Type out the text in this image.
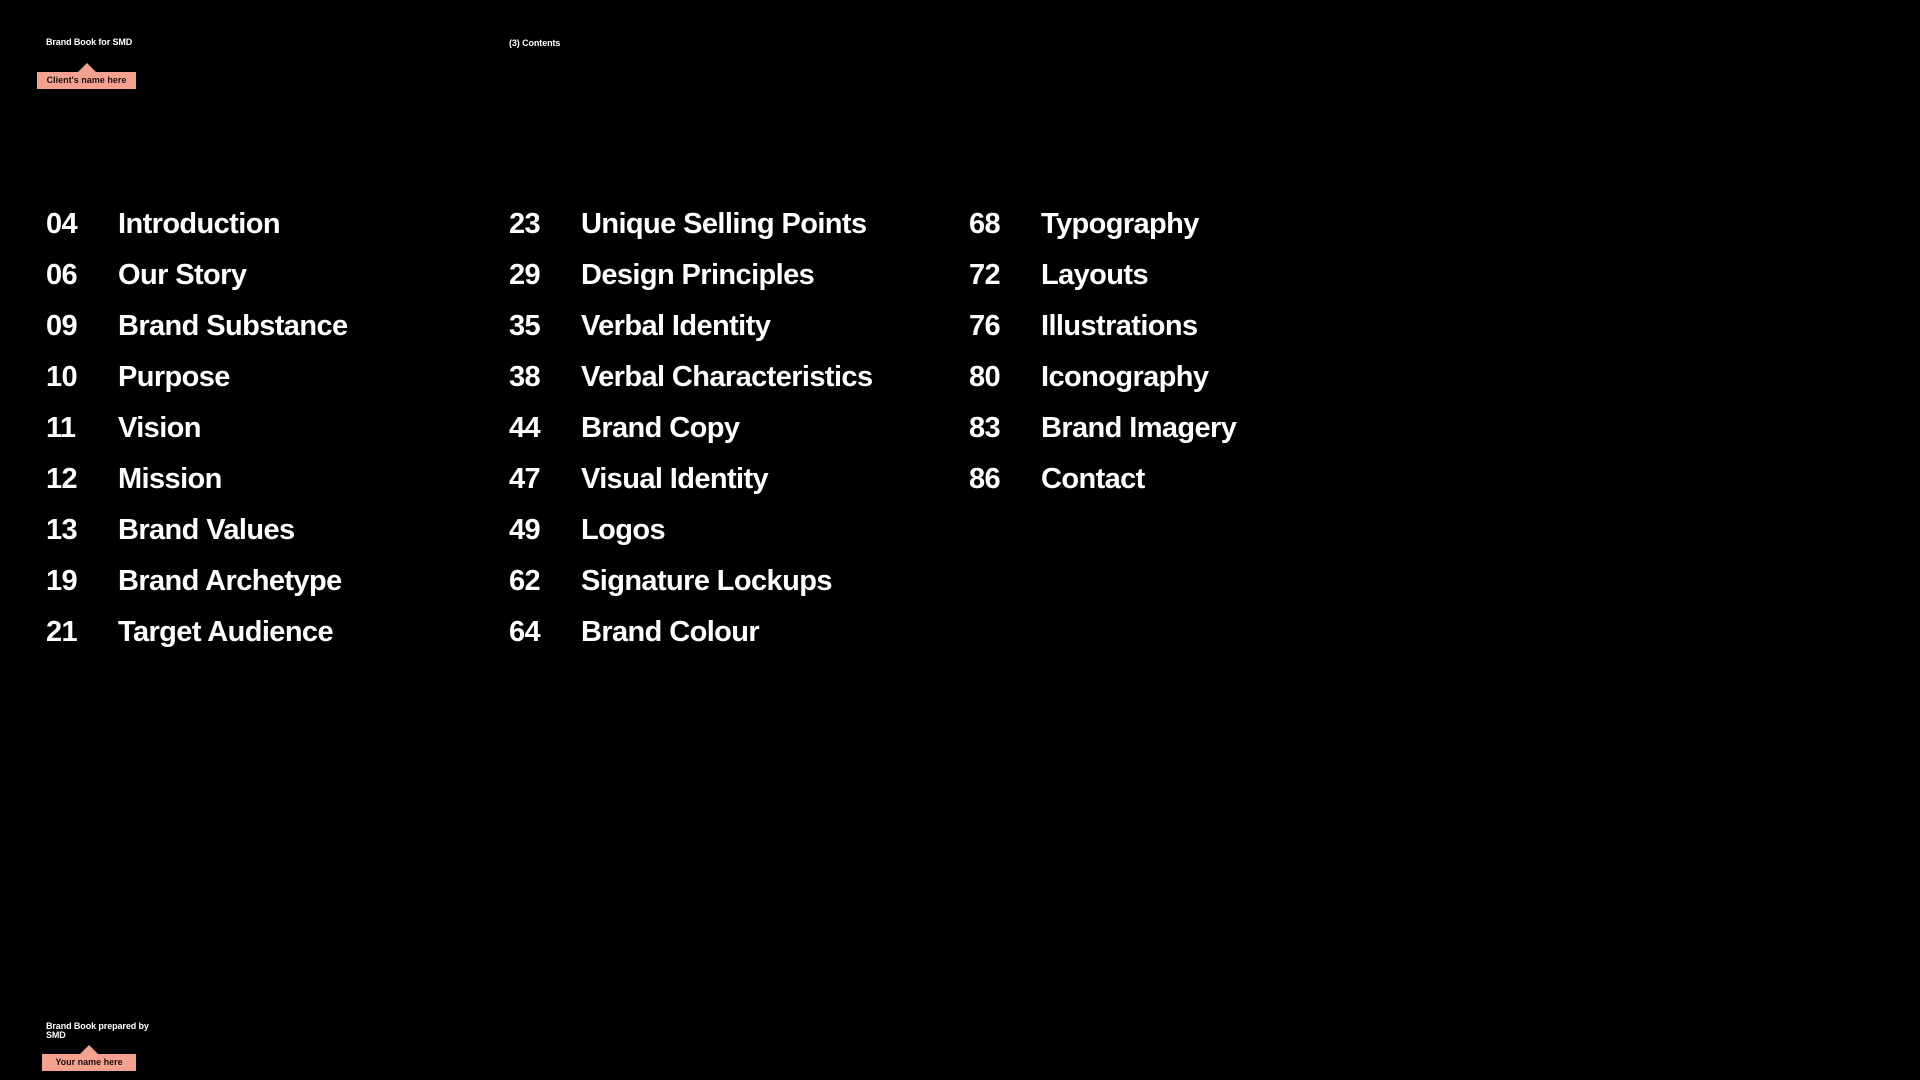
Brand Book for SMD	(3) Contents
Client's name here
04	Introduction
06	Our Story
09	Brand Substance
10	Purpose
11	Vision
12	Mission
13	Brand Values
19	Brand Archetype
21	Target Audience
23	Unique Selling Points
29	Design Principles
35	Verbal Identity
38	Verbal Characteristics
44	Brand Copy
47	Visual Identity
49	Logos
62	Signature Lockups
64	Brand Colour
68	Typography
72	Layouts
76	Illustrations
80	Iconography
83	Brand Imagery
86	Contact
Brand Book prepared by
SMD
Your name here
